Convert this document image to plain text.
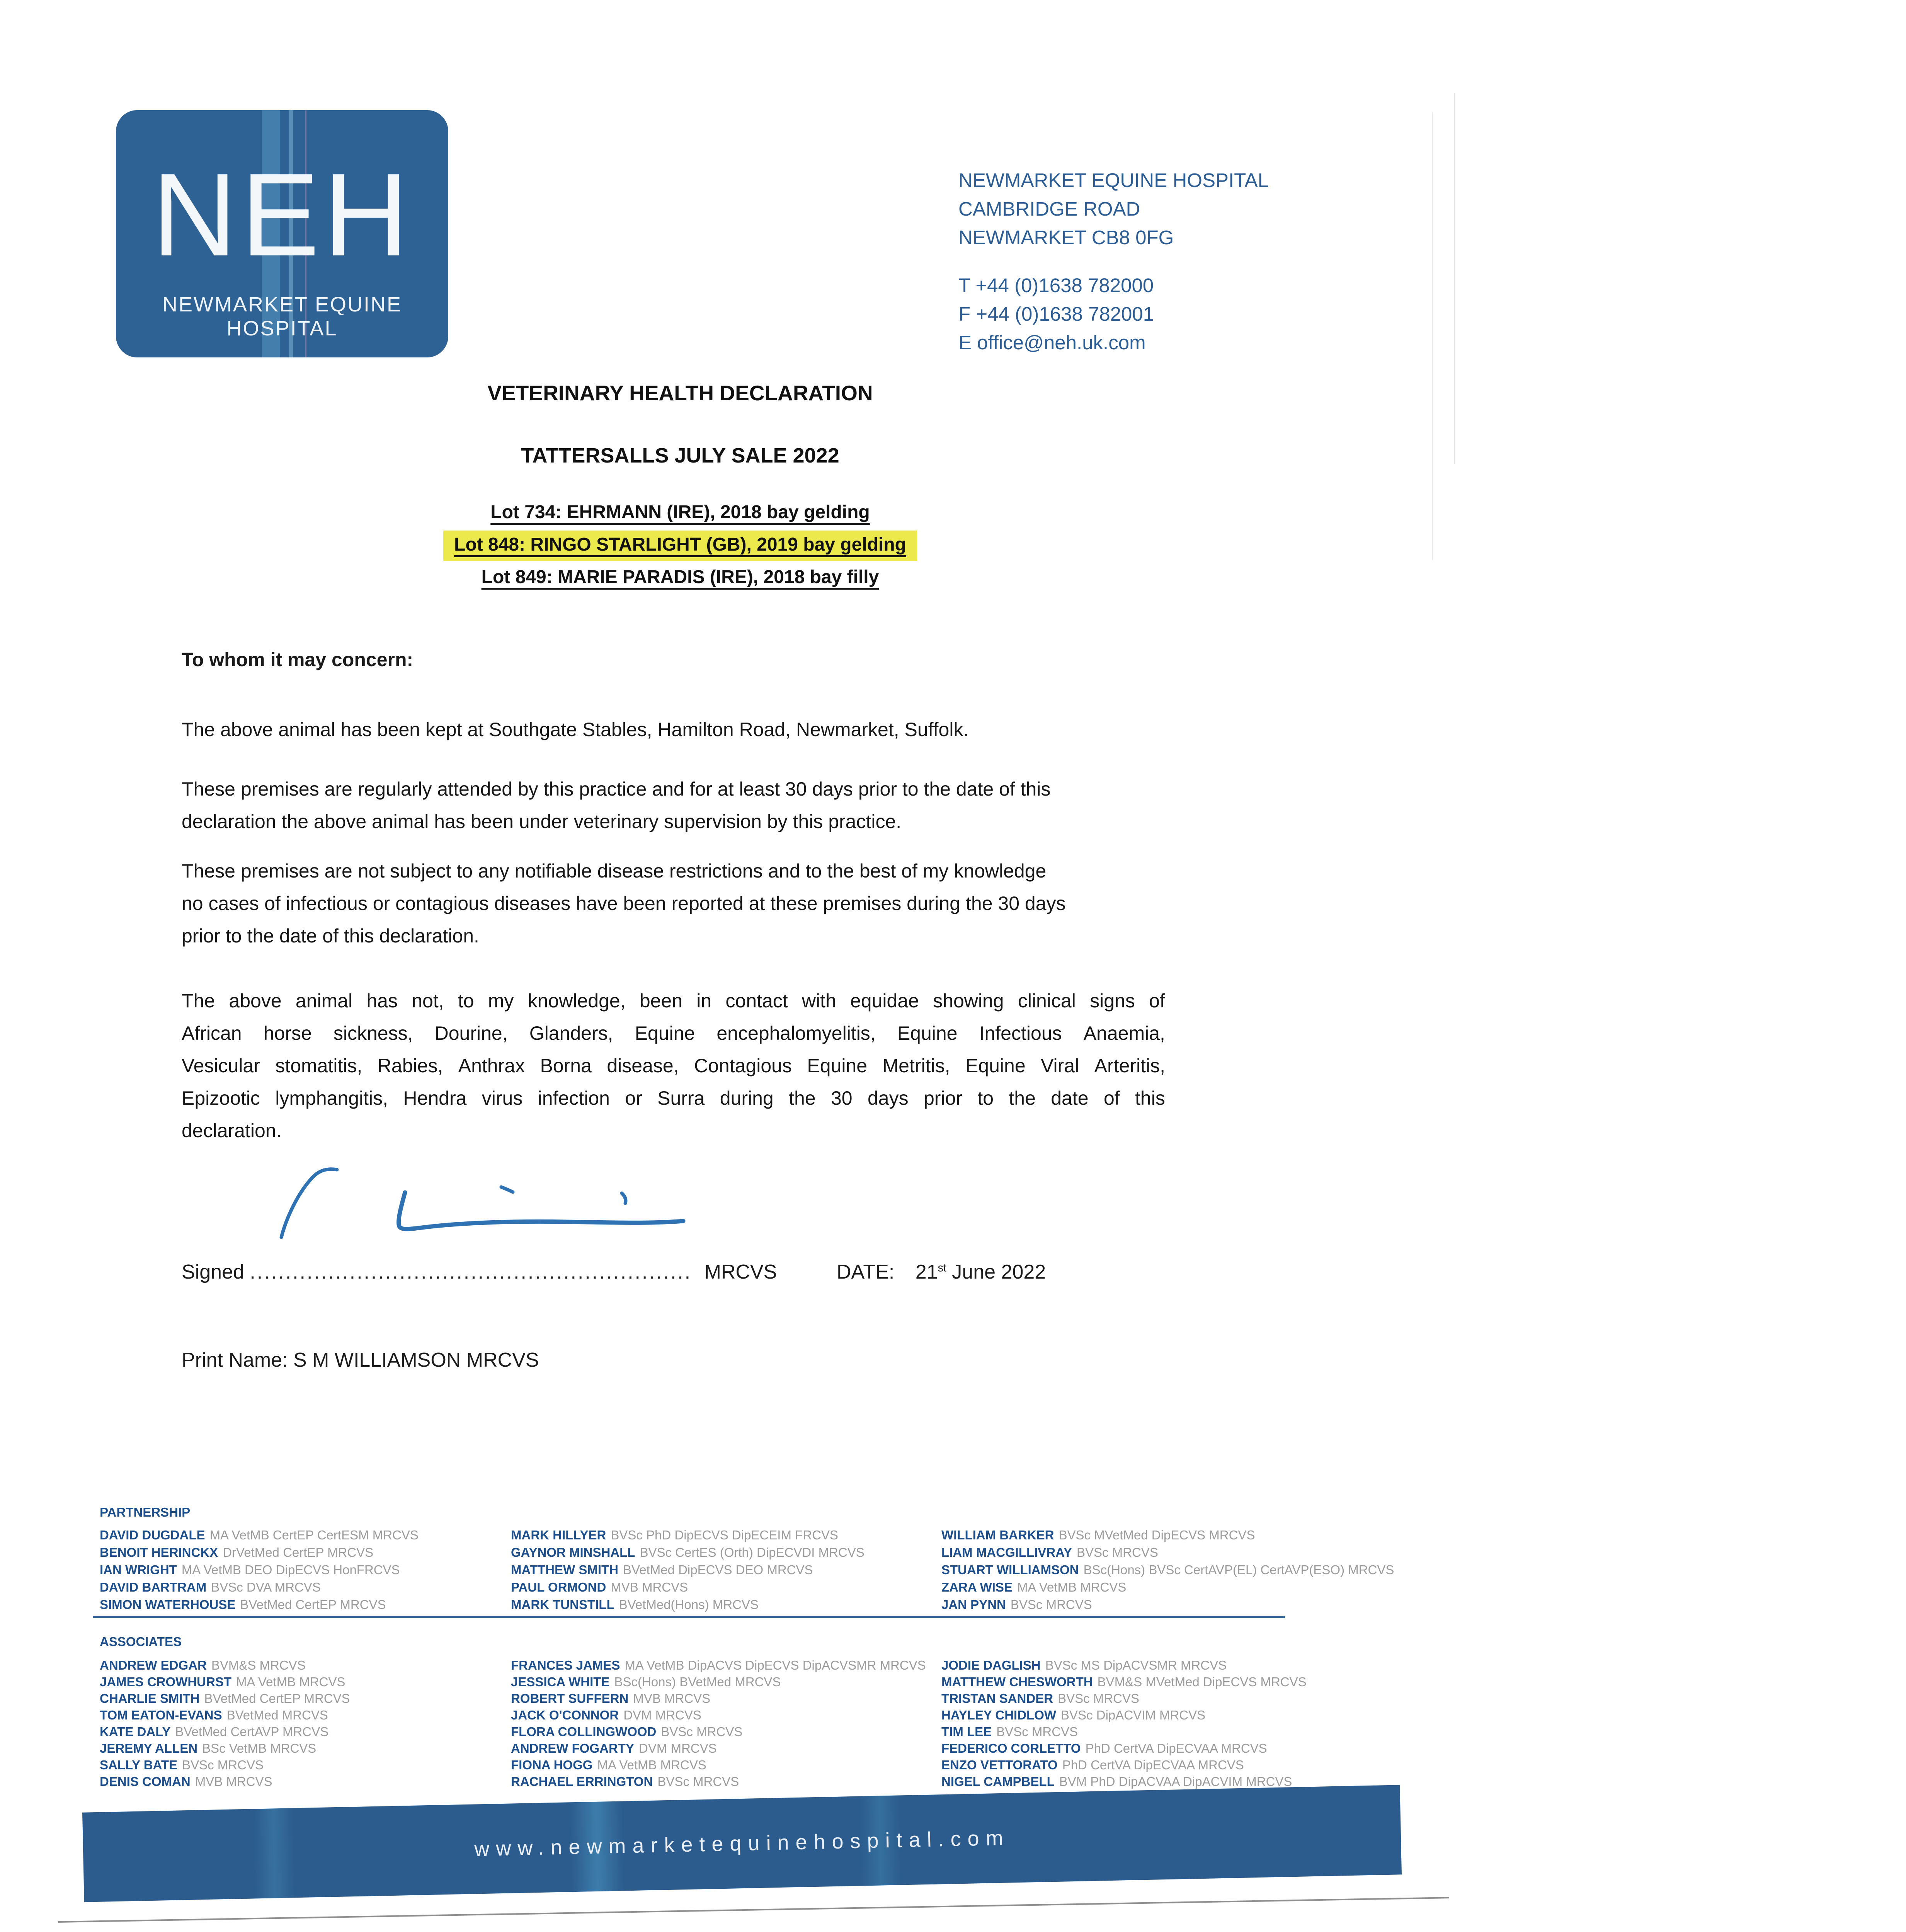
NEH
NEWMARKET EQUINE HOSPITAL
NEWMARKET EQUINE HOSPITAL
CAMBRIDGE ROAD
NEWMARKET CB8 0FG
T +44 (0)1638 782000
F +44 (0)1638 782001
E office@neh.uk.com
VETERINARY HEALTH DECLARATION
TATTERSALLS JULY SALE 2022
Lot 734: EHRMANN (IRE), 2018 bay gelding
Lot 848: RINGO STARLIGHT (GB), 2019 bay gelding
Lot 849: MARIE PARADIS (IRE), 2018 bay filly
To whom it may concern:
The above animal has been kept at Southgate Stables, Hamilton Road, Newmarket, Suffolk.
These premises are regularly attended by this practice and for at least 30 days prior to the date of this
declaration the above animal has been under veterinary supervision by this practice.
These premises are not subject to any notifiable disease restrictions and to the best of my knowledge
no cases of infectious or contagious diseases have been reported at these premises during the 30 days
prior to the date of this declaration.
The above animal has not, to my knowledge, been in contact with equidae showing clinical signs of
African horse sickness, Dourine, Glanders, Equine encephalomyelitis, Equine Infectious Anaemia,
Vesicular stomatitis, Rabies, Anthrax Borna disease, Contagious Equine Metritis, Equine Viral Arteritis,
Epizootic lymphangitis, Hendra virus infection or Surra during the 30 days prior to the date of this
declaration.
Signed .............................................................. MRCVS	DATE: 21st June 2022
Print Name: S M WILLIAMSON MRCVS
PARTNERSHIP
DAVID DUGDALE MA VetMB CertEP CertESM MRCVS
BENOIT HERINCKX DrVetMed CertEP MRCVS
IAN WRIGHT MA VetMB DEO DipECVS HonFRCVS
DAVID BARTRAM BVSc DVA MRCVS
SIMON WATERHOUSE BVetMed CertEP MRCVS
MARK HILLYER BVSc PhD DipECVS DipECEIM FRCVS
GAYNOR MINSHALL BVSc CertES (Orth) DipECVDI MRCVS
MATTHEW SMITH BVetMed DipECVS DEO MRCVS
PAUL ORMOND MVB MRCVS
MARK TUNSTILL BVetMed(Hons) MRCVS
WILLIAM BARKER BVSc MVetMed DipECVS MRCVS
LIAM MACGILLIVRAY BVSc MRCVS
STUART WILLIAMSON BSc(Hons) BVSc CertAVP(EL) CertAVP(ESO) MRCVS
ZARA WISE MA VetMB MRCVS
JAN PYNN BVSc MRCVS
ASSOCIATES
ANDREW EDGAR BVM&S MRCVS
JAMES CROWHURST MA VetMB MRCVS
CHARLIE SMITH BVetMed CertEP MRCVS
TOM EATON-EVANS BVetMed MRCVS
KATE DALY BVetMed CertAVP MRCVS
JEREMY ALLEN BSc VetMB MRCVS
SALLY BATE BVSc MRCVS
DENIS COMAN MVB MRCVS
FRANCES JAMES MA VetMB DipACVS DipECVS DipACVSMR MRCVS
JESSICA WHITE BSc(Hons) BVetMed MRCVS
ROBERT SUFFERN MVB MRCVS
JACK O'CONNOR DVM MRCVS
FLORA COLLINGWOOD BVSc MRCVS
ANDREW FOGARTY DVM MRCVS
FIONA HOGG MA VetMB MRCVS
RACHAEL ERRINGTON BVSc MRCVS
JODIE DAGLISH BVSc MS DipACVSMR MRCVS
MATTHEW CHESWORTH BVM&S MVetMed DipECVS MRCVS
TRISTAN SANDER BVSc MRCVS
HAYLEY CHIDLOW BVSc DipACVIM MRCVS
TIM LEE BVSc MRCVS
FEDERICO CORLETTO PhD CertVA DipECVAA MRCVS
ENZO VETTORATO PhD CertVA DipECVAA MRCVS
NIGEL CAMPBELL BVM PhD DipACVAA DipACVIM MRCVS
www.newmarketequinehospital.com
